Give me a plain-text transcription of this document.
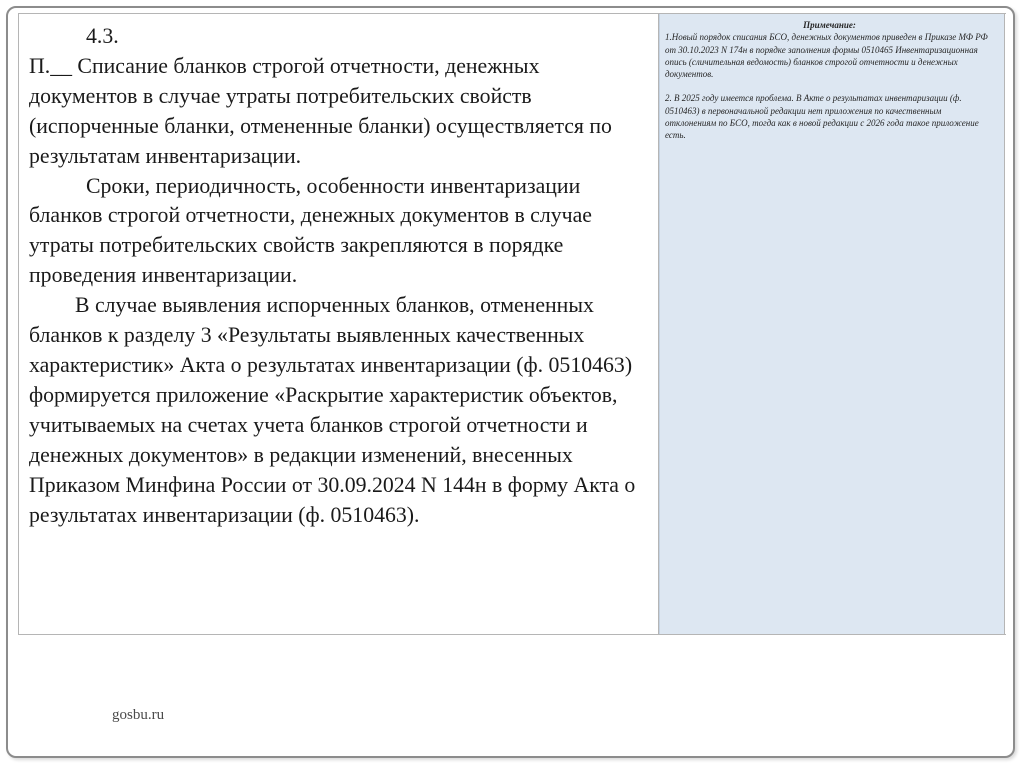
4.3.

П.__ Списание бланков строгой отчетности, денежных документов в случае утраты потребительских свойств (испорченные бланки, отмененные бланки) осуществляется по результатам инвентаризации.

Сроки, периодичность, особенности инвентаризации бланков строгой отчетности, денежных документов в случае утраты потребительских свойств закрепляются в порядке проведения инвентаризации.

В случае выявления испорченных бланков, отмененных бланков к разделу 3 «Результаты выявленных качественных характеристик» Акта о результатах инвентаризации (ф. 0510463) формируется приложение «Раскрытие характеристик объектов, учитываемых на счетах учета бланков строгой отчетности и денежных документов» в редакции изменений, внесенных Приказом Минфина России от 30.09.2024 N 144н в форму Акта о результатах инвентаризации (ф. 0510463).

Примечание:

1.Новый порядок списания БСО, денежных документов приведен в Приказе МФ РФ от 30.10.2023 N 174н в порядке заполнения формы 0510465 Инвентаризационная опись (сличительная ведомость) бланков строгой отчетности и денежных документов.

2. В 2025 году имеется проблема. В Акте о результатах инвентаризации (ф. 0510463) в первоначальной редакции нет приложения по качественным отклонениям по БСО, тогда как в новой редакции с 2026 года такое приложение есть.

gosbu.ru
